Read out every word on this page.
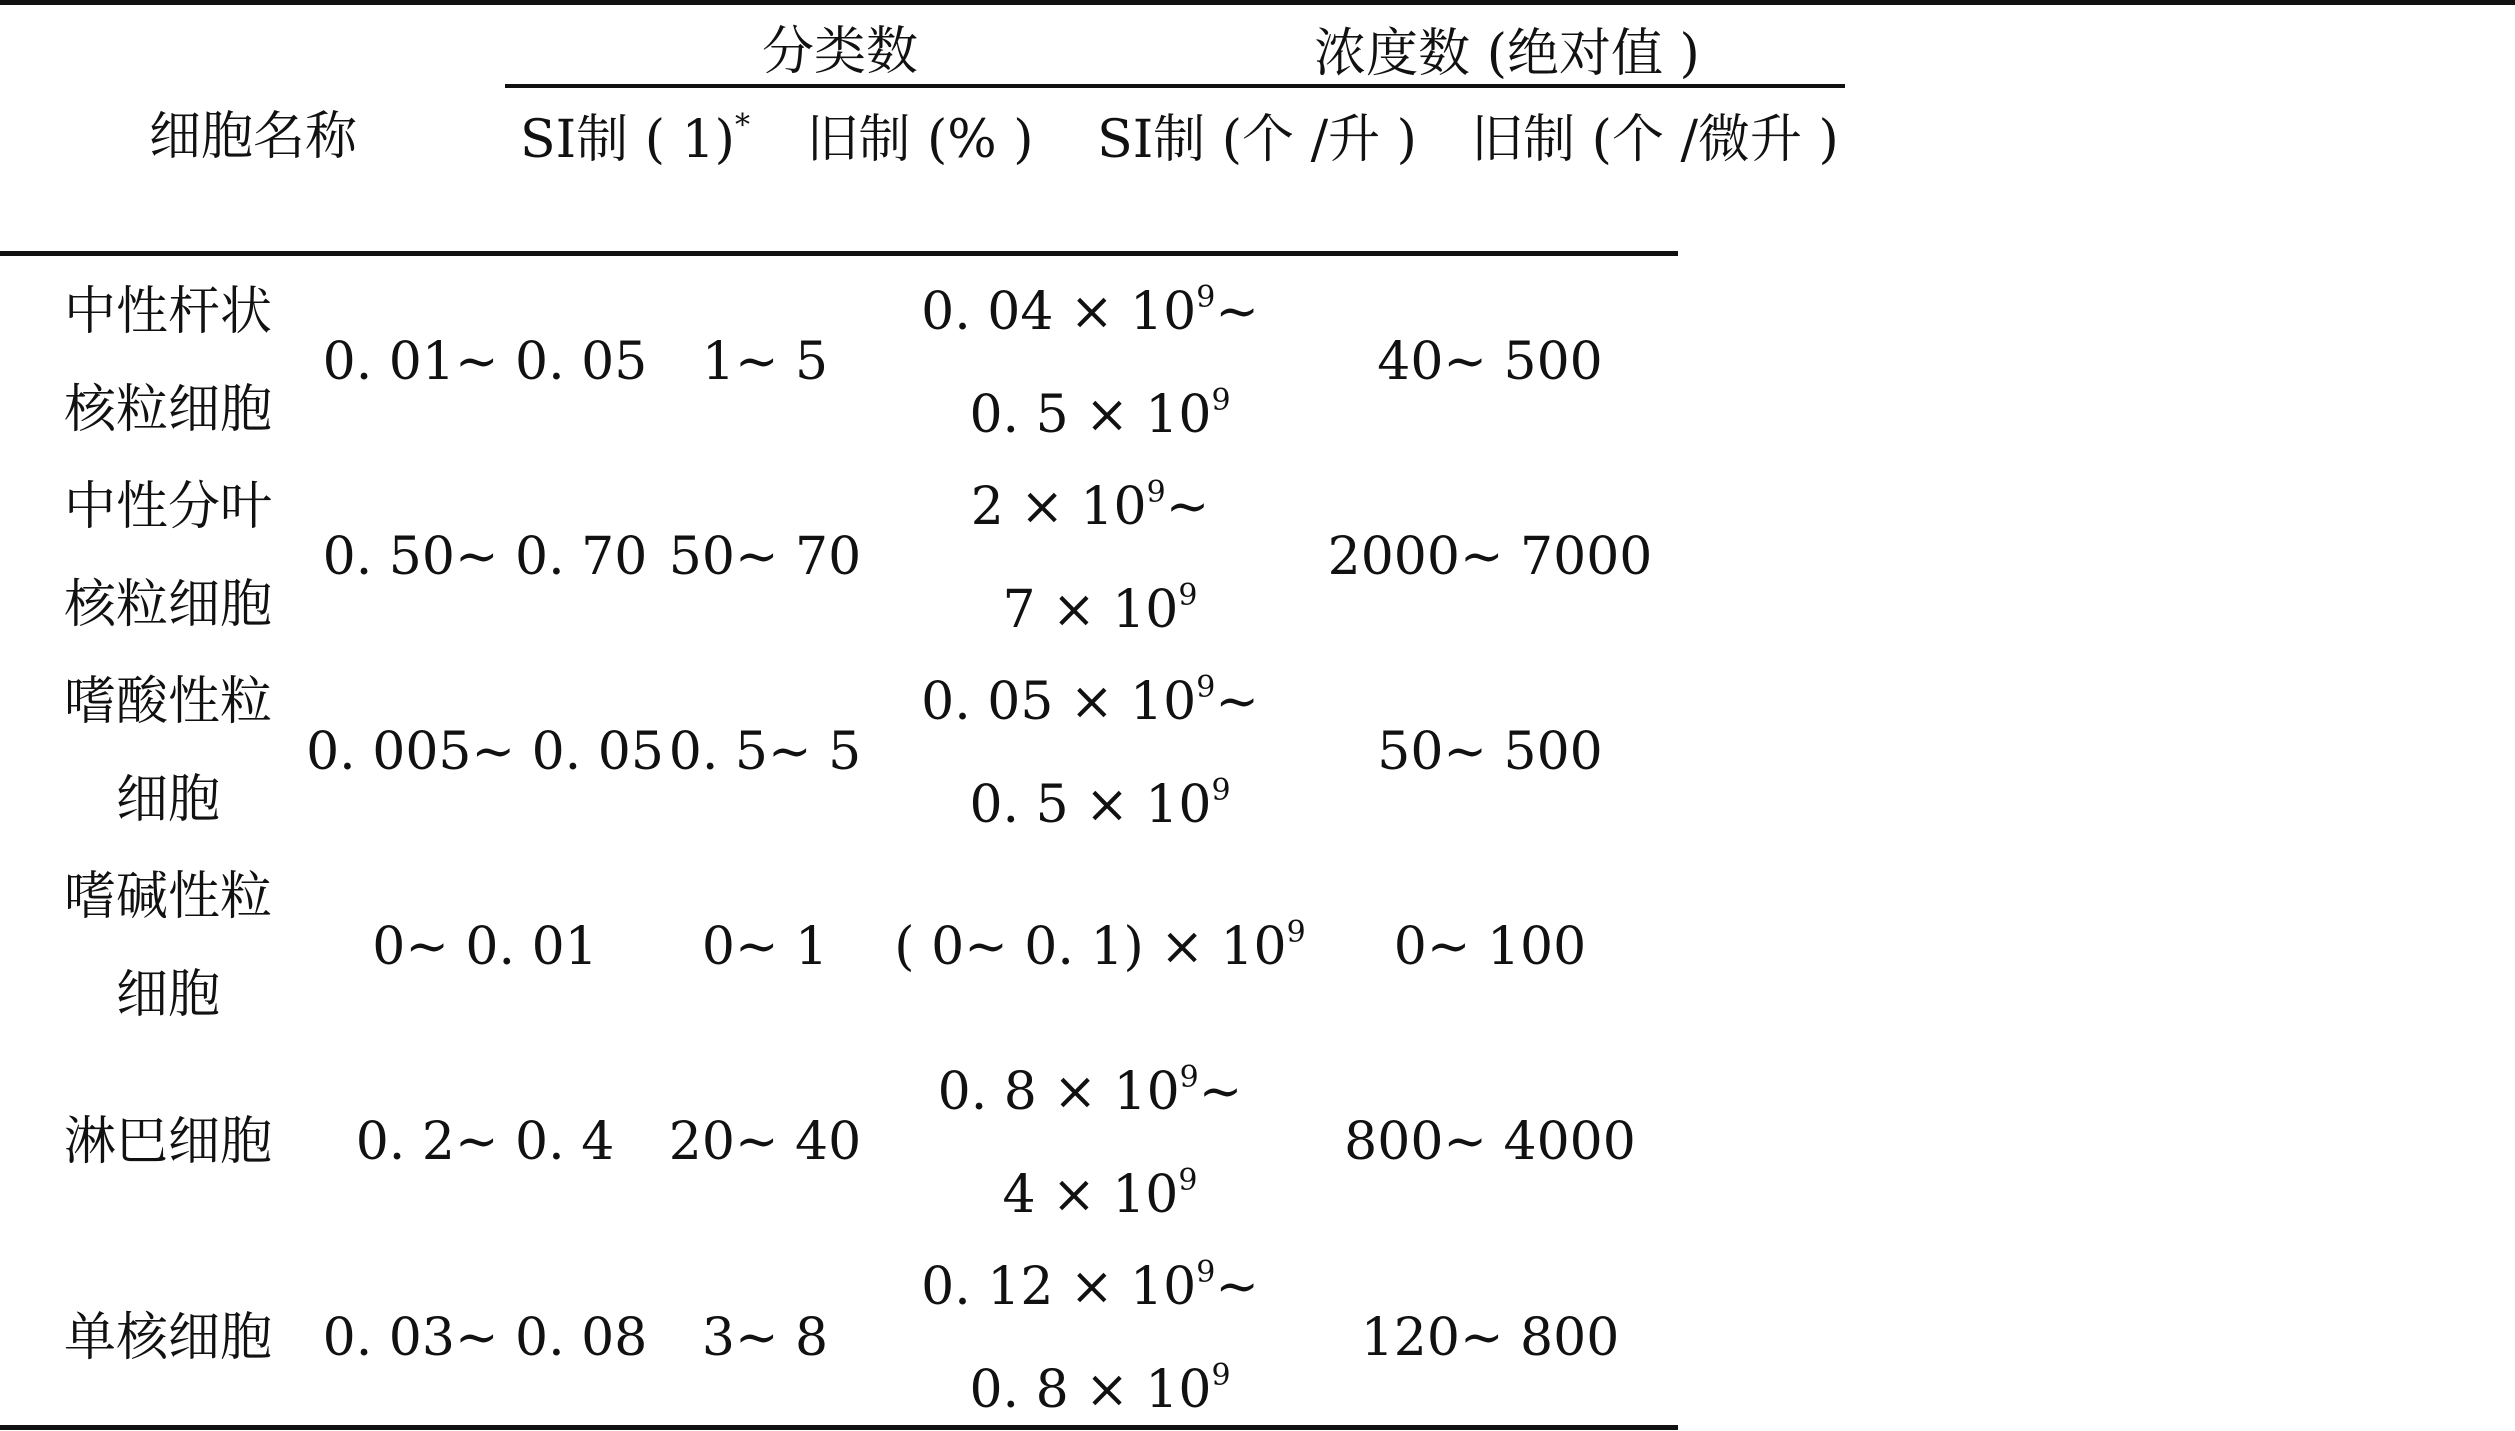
细胞名称
分类数	浓度数 (绝对值 )
SI制 ( 1)* 旧制 (% ) SI制 (个 /升 ) 旧制 (个 /微升 )
中性杆状
核粒细胞
0. 01~ 0. 05 1~ 5
0. $04 \times 10^9\sim$
0. $5 \times 10^9$
40~ 500
中性分叶
核粒细胞
0. 50~ 0. 70 50~ 70
$2 \times 10^9\sim$
$7 \times 10^9$
2000~ 7000
嗜酸性粒
细胞
0. 005~ 0. 05 0. 5~ 5
0. $05 \times 10^9\sim$
0. $5 \times 10^9$
50~ 500
嗜碱性粒
细胞
0~ 0. 01 0~ 1 ( 0~ 0. $1) \times 10^9$ 0~ 100
淋巴细胞 0. 2~ 0. 4 20~ 40
0. $8 \times 10^9\sim$
$4 \times 10^9$
800~ 4000
单核细胞 0. 03~ 0. 08 3~ 8
0. $12 \times 10^9\sim$
0. $8 \times 10^9$
120~ 800
